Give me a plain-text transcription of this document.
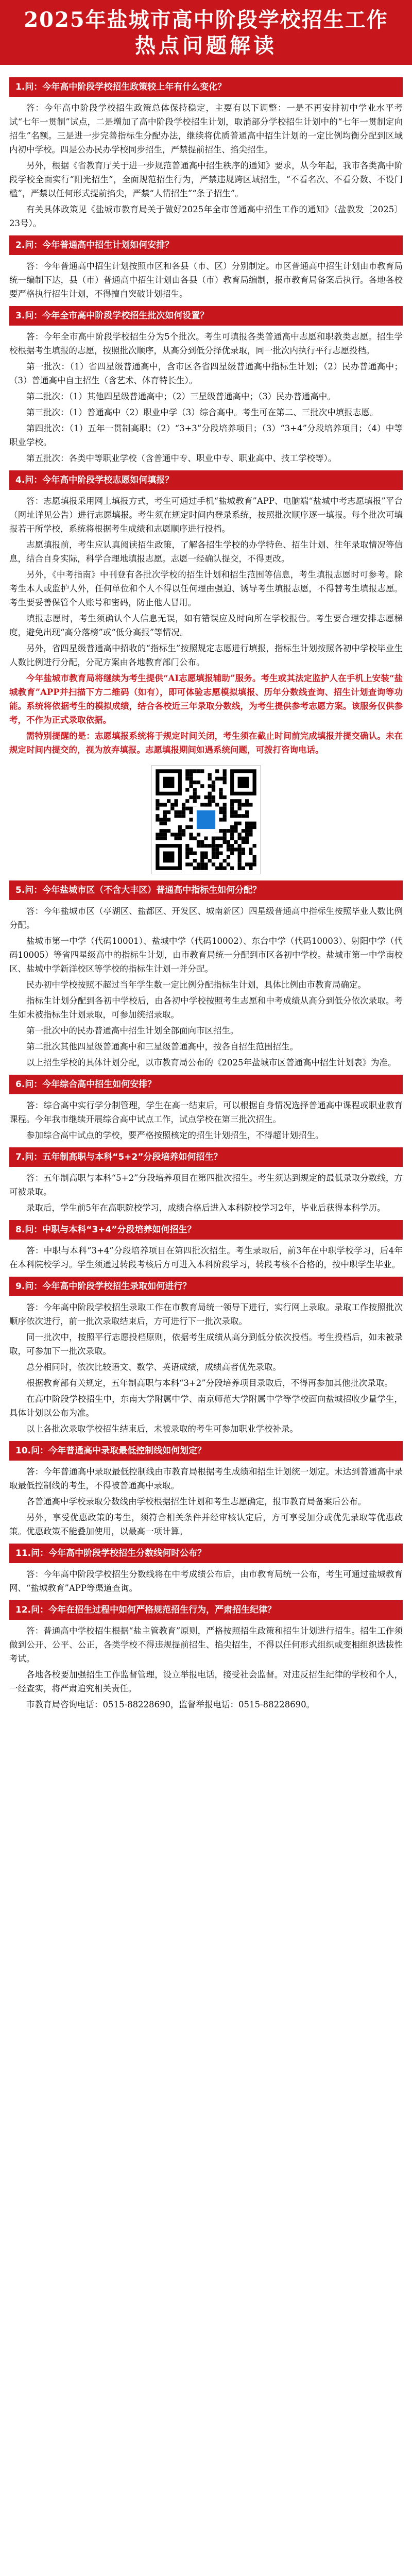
2025年盐城市高中阶段学校招生工作
热点问题解读
1.问：今年高中阶段学校招生政策较上年有什么变化？

答：今年高中阶段学校招生政策总体保持稳定，主要有以下调整：一是不再安排初中学业水平考试“七年一贯制”试点，二是增加了高中阶段学校招生计划，取消部分学校招生计划中的“七年一贯制定向招生”名额。三是进一步完善指标生分配办法，继续将优质普通高中招生计划的一定比例均衡分配到区域内初中学校。四是公办民办学校同步招生，严禁提前招生、掐尖招生。

另外，根据《省教育厅关于进一步规范普通高中招生秩序的通知》要求，从今年起，我市各类高中阶段学校全面实行“阳光招生”，全面规范招生行为，严禁违规跨区域招生，“不看名次、不看分数、不设门槛”，严禁以任何形式提前掐尖，严禁“人情招生”“条子招生”。

有关具体政策见《盐城市教育局关于做好2025年全市普通高中招生工作的通知》（盐教发〔2025〕23号）。

2.问：今年普通高中招生计划如何安排？

答：今年普通高中招生计划按照市区和各县（市、区）分别制定。市区普通高中招生计划由市教育局统一编制下达，县（市）普通高中招生计划由各县（市）教育局编制，报市教育局备案后执行。各地各校要严格执行招生计划，不得擅自突破计划招生。

3.问：今年全市高中阶段学校招生批次如何设置？

答：今年全市高中阶段学校招生分为5个批次。考生可填报各类普通高中志愿和职教类志愿。招生学校根据考生填报的志愿，按照批次顺序，从高分到低分择优录取，同一批次内执行平行志愿投档。

第一批次：（1）省四星级普通高中，含市区各省四星级普通高中指标生计划；（2）民办普通高中；（3）普通高中自主招生（含艺术、体育特长生）。

第二批次：（1）其他四星级普通高中；（2）三星级普通高中；（3）民办普通高中。

第三批次：（1）普通高中（2）职业中学（3）综合高中。考生可在第二、三批次中填报志愿。

第四批次：（1）五年一贯制高职；（2）“3+3”分段培养项目；（3）“3+4”分段培养项目；（4）中等职业学校。

第五批次：各类中等职业学校（含普通中专、职业中专、职业高中、技工学校等）。

4.问：今年高中阶段学校志愿如何填报？

答：志愿填报采用网上填报方式，考生可通过手机“盐城教育”APP、电脑端“盐城中考志愿填报”平台（网址详见公告）进行志愿填报。考生须在规定时间内登录系统，按照批次顺序逐一填报。每个批次可填报若干所学校，系统将根据考生成绩和志愿顺序进行投档。

志愿填报前，考生应认真阅读招生政策，了解各招生学校的办学特色、招生计划、往年录取情况等信息，结合自身实际，科学合理地填报志愿。志愿一经确认提交，不得更改。

另外，《中考指南》中刊登有各批次学校的招生计划和招生范围等信息，考生填报志愿时可参考。除考生本人或监护人外，任何单位和个人不得以任何理由强迫、诱导考生填报志愿，不得替考生填报志愿。考生要妥善保管个人账号和密码，防止他人冒用。

填报志愿时，考生须确认个人信息无误，如有错误应及时向所在学校报告。考生要合理安排志愿梯度，避免出现“高分落榜”或“低分高报”等情况。

另外，省四星级普通高中招收的“指标生”按照规定志愿进行填报，指标生计划按照各初中学校毕业生人数比例进行分配，分配方案由各地教育部门公布。

今年盐城市教育局将继续为考生提供“AI志愿填报辅助”服务。考生或其法定监护人在手机上安装“盐城教育”APP并扫描下方二维码（如有），即可体验志愿模拟填报、历年分数线查询、招生计划查询等功能。系统将依据考生的模拟成绩，结合各校近三年录取分数线，为考生提供参考志愿方案。该服务仅供参考，不作为正式录取依据。

需特别提醒的是：志愿填报系统将于规定时间关闭，考生须在截止时间前完成填报并提交确认。未在规定时间内提交的，视为放弃填报。志愿填报期间如遇系统问题，可拨打咨询电话。

5.问：今年盐城市区（不含大丰区）普通高中指标生如何分配？

答：今年盐城市区（亭湖区、盐都区、开发区、城南新区）四星级普通高中指标生按照毕业人数比例分配。

盐城市第一中学（代码10001）、盐城中学（代码10002）、东台中学（代码10003）、射阳中学（代码10005）等省四星级高中的指标生计划，由市教育局统一分配到市区各初中学校。盐城市第一中学南校区、盐城中学新洋校区等学校的指标生计划一并分配。

民办初中学校按照不超过当年学生数一定比例分配指标生计划，具体比例由市教育局确定。

指标生计划分配到各初中学校后，由各初中学校按照考生志愿和中考成绩从高分到低分依次录取。考生如未被指标生计划录取，可参加统招录取。

第一批次中的民办普通高中招生计划全部面向市区招生。

第二批次其他四星级普通高中和三星级普通高中，按各自招生范围招生。

以上招生学校的具体计划分配，以市教育局公布的《2025年盐城市区普通高中招生计划表》为准。

6.问：今年综合高中招生如何安排？

答：综合高中实行学分制管理，学生在高一结束后，可以根据自身情况选择普通高中课程或职业教育课程。今年我市继续开展综合高中试点工作，试点学校在第三批次招生。

参加综合高中试点的学校，要严格按照核定的招生计划招生，不得超计划招生。

7.问：五年制高职与本科“5+2”分段培养如何招生？

答：五年制高职与本科“5+2”分段培养项目在第四批次招生。考生须达到规定的最低录取分数线，方可被录取。

录取后，学生前5年在高职院校学习，成绩合格后进入本科院校学习2年，毕业后获得本科学历。

8.问：中职与本科“3+4”分段培养如何招生？

答：中职与本科“3+4”分段培养项目在第四批次招生。考生录取后，前3年在中职学校学习，后4年在本科院校学习。学生须通过转段考核后方可进入本科阶段学习，转段考核不合格的，按中职学生毕业。

9.问：今年高中阶段学校招生录取如何进行？

答：今年高中阶段学校招生录取工作在市教育局统一领导下进行，实行网上录取。录取工作按照批次顺序依次进行，前一批次录取结束后，方可进行下一批次录取。

同一批次中，按照平行志愿投档原则，依据考生成绩从高分到低分依次投档。考生投档后，如未被录取，可参加下一批次录取。

总分相同时，依次比较语文、数学、英语成绩，成绩高者优先录取。

根据教育部有关规定，五年制高职与本科“3+2”分段培养项目录取后，不得再参加其他批次录取。

在高中阶段学校招生中，东南大学附属中学、南京师范大学附属中学等学校面向盐城招收少量学生，具体计划以公布为准。

以上各批次录取学校招生结束后，未被录取的考生可参加职业学校补录。

10.问：今年普通高中录取最低控制线如何划定？

答：今年普通高中录取最低控制线由市教育局根据考生成绩和招生计划统一划定。未达到普通高中录取最低控制线的考生，不得被普通高中录取。

各普通高中学校录取分数线由学校根据招生计划和考生志愿确定，报市教育局备案后公布。

另外，享受优惠政策的考生，须符合相关条件并经审核认定后，方可享受加分或优先录取等优惠政策。优惠政策不能叠加使用，以最高一项计算。

11.问：今年高中阶段学校招生分数线何时公布？

答：今年高中阶段学校招生分数线将在中考成绩公布后，由市教育局统一公布，考生可通过盐城教育网、“盐城教育”APP等渠道查询。

12.问：今年在招生过程中如何严格规范招生行为，严肃招生纪律？

答：普通高中学校招生根据“盐主管教育”原则，严格按照招生政策和招生计划进行招生。招生工作须做到公开、公平、公正，各类学校不得违规提前招生、掐尖招生，不得以任何形式组织或变相组织选拔性考试。

各地各校要加强招生工作监督管理，设立举报电话，接受社会监督。对违反招生纪律的学校和个人，一经查实，将严肃追究相关责任。

市教育局咨询电话：0515-88228690，监督举报电话：0515-88228690。
